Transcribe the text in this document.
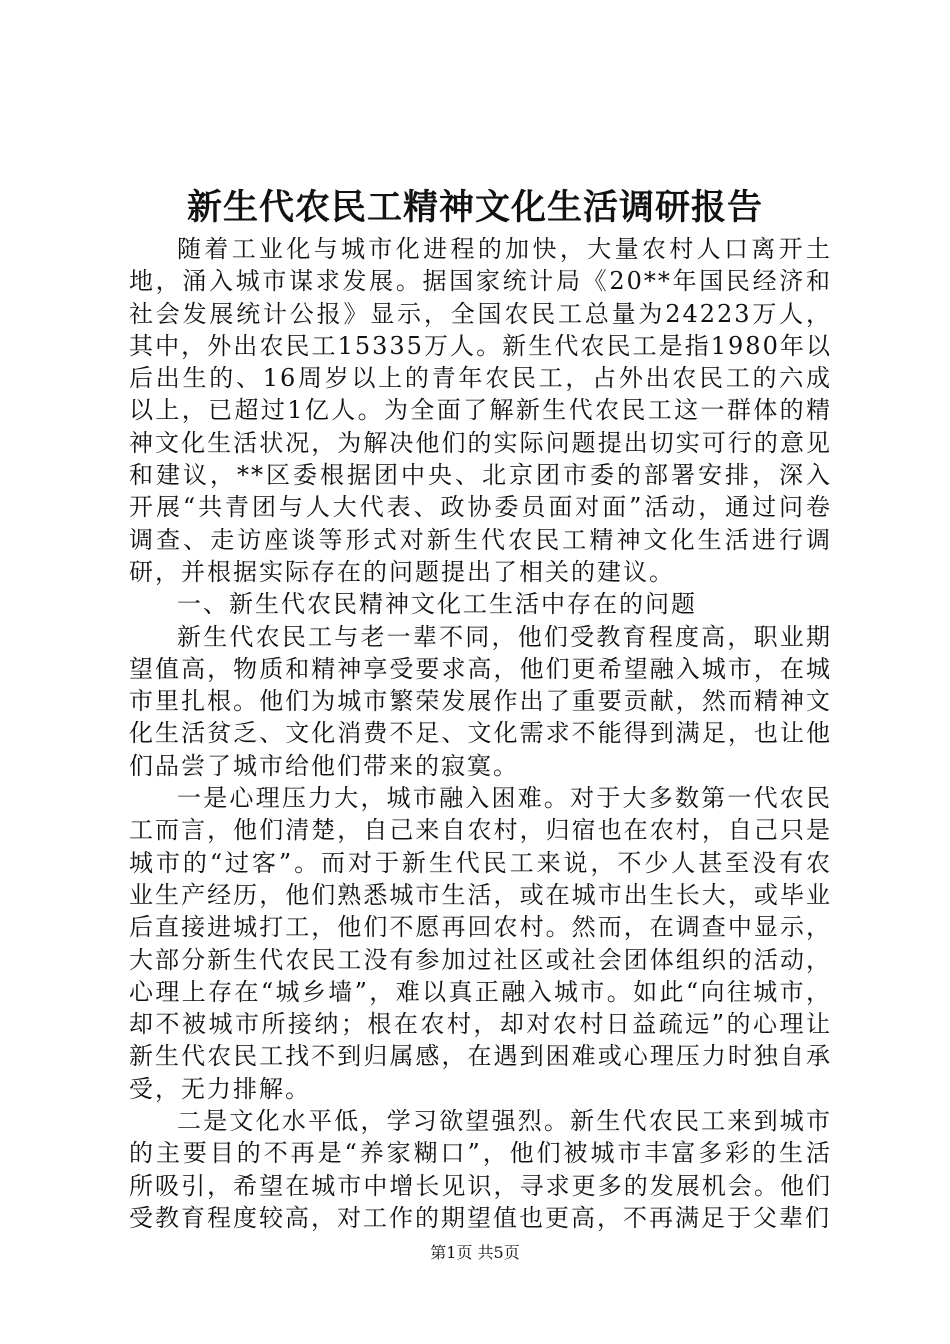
新生代农民工精神文化生活调研报告

随着工业化与城市化进程的加快，大量农村人口离开土地，涌入城市谋求发展。据国家统计局《20**年国民经济和社会发展统计公报》显示，全国农民工总量为24223万人，其中，外出农民工15335万人。新生代农民工是指1980年以后出生的、16周岁以上的青年农民工，占外出农民工的六成以上，已超过1亿人。为全面了解新生代农民工这一群体的精神文化生活状况，为解决他们的实际问题提出切实可行的意见和建议，**区委根据团中央、北京团市委的部署安排，深入开展“共青团与人大代表、政协委员面对面”活动，通过问卷调查、走访座谈等形式对新生代农民工精神文化生活进行调研，并根据实际存在的问题提出了相关的建议。

一、新生代农民精神文化工生活中存在的问题

新生代农民工与老一辈不同，他们受教育程度高，职业期望值高，物质和精神享受要求高，他们更希望融入城市，在城市里扎根。他们为城市繁荣发展作出了重要贡献，然而精神文化生活贫乏、文化消费不足、文化需求不能得到满足，也让他们品尝了城市给他们带来的寂寞。

一是心理压力大，城市融入困难。对于大多数第一代农民工而言，他们清楚，自己来自农村，归宿也在农村，自己只是城市的“过客”。而对于新生代民工来说，不少人甚至没有农业生产经历，他们熟悉城市生活，或在城市出生长大，或毕业后直接进城打工，他们不愿再回农村。然而，在调查中显示，大部分新生代农民工没有参加过社区或社会团体组织的活动，心理上存在“城乡墙”，难以真正融入城市。如此“向往城市，却不被城市所接纳；根在农村，却对农村日益疏远”的心理让新生代农民工找不到归属感，在遇到困难或心理压力时独自承受，无力排解。

二是文化水平低，学习欲望强烈。新生代农民工来到城市的主要目的不再是“养家糊口”，他们被城市丰富多彩的生活所吸引，希望在城市中增长见识，寻求更多的发展机会。他们受教育程度较高，对工作的期望值也更高，不再满足于父辈们

第1页 共5页
